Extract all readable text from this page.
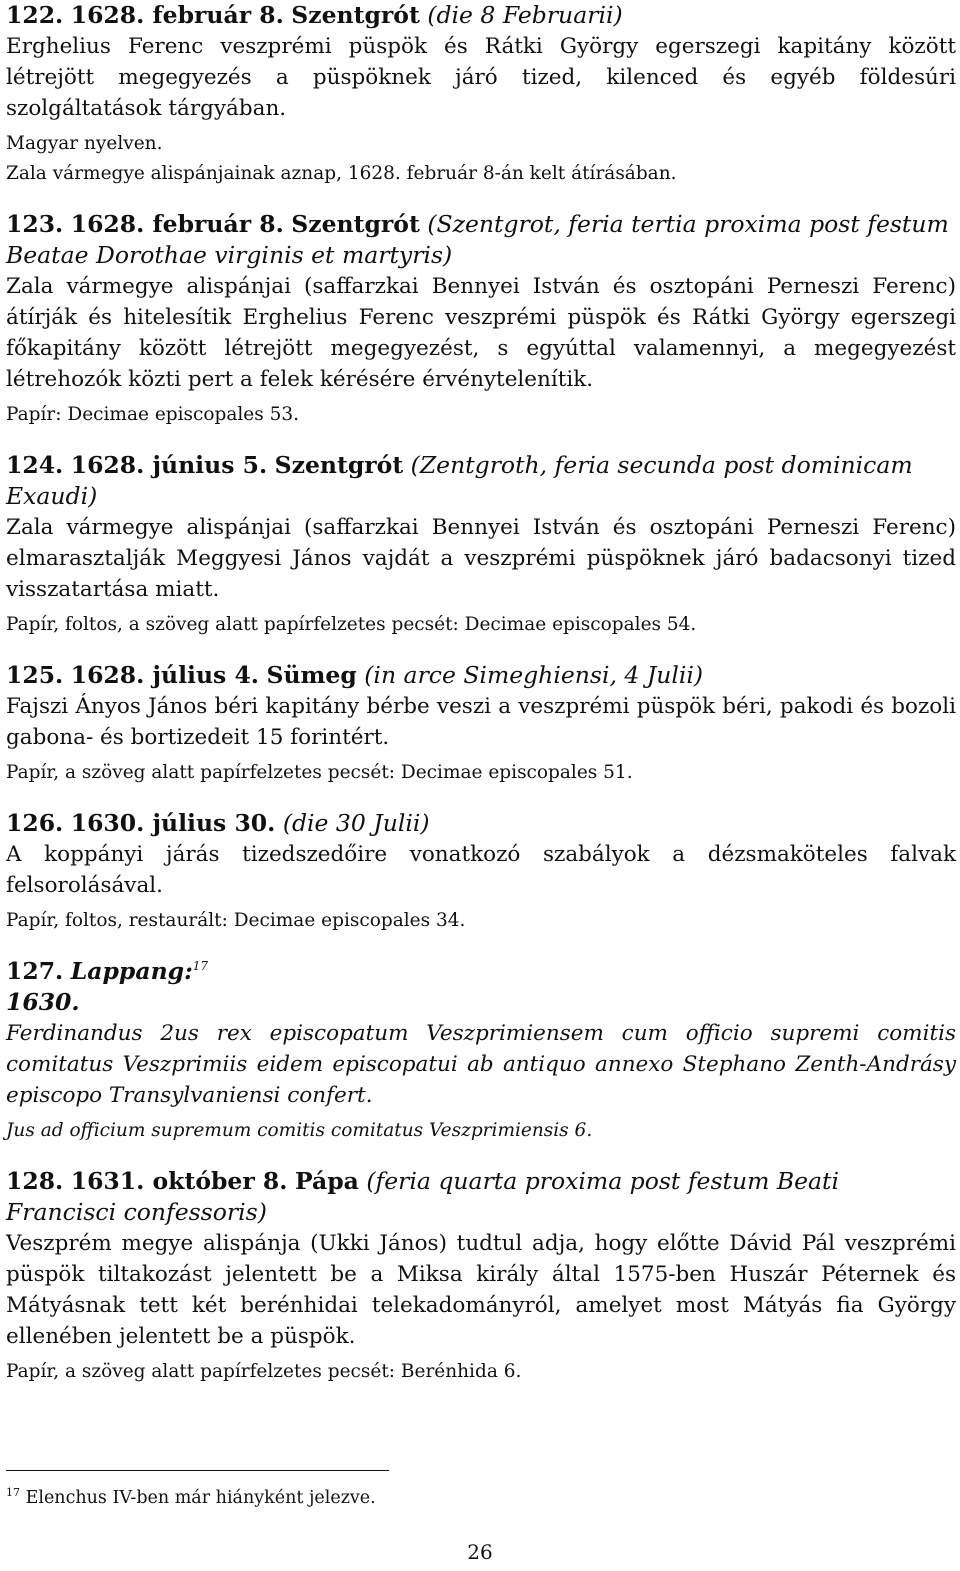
122. 1628. február 8. Szentgrót (die 8 Februarii)

Erghelius Ferenc veszprémi püspök és Rátki György egerszegi kapitány között létrejött megegyezés a püspöknek járó tized, kilenced és egyéb földesúri szolgáltatások tárgyában.

Magyar nyelven.

Zala vármegye alispánjainak aznap, 1628. február 8-án kelt átírásában.

123. 1628. február 8. Szentgrót (Szentgrot, feria tertia proxima post festum Beatae Dorothae virginis et martyris)

Zala vármegye alispánjai (saffarzkai Bennyei István és osztopáni Perneszi Ferenc) átírják és hitelesítik Erghelius Ferenc veszprémi püspök és Rátki György egerszegi főkapitány között létrejött megegyezést, s egyúttal valamennyi, a megegyezést létrehozók közti pert a felek kérésére érvénytelenítik.

Papír: Decimae episcopales 53.

124. 1628. június 5. Szentgrót (Zentgroth, feria secunda post dominicam Exaudi)

Zala vármegye alispánjai (saffarzkai Bennyei István és osztopáni Perneszi Ferenc) elmarasztalják Meggyesi János vajdát a veszprémi püspöknek járó badacsonyi tized visszatartása miatt.

Papír, foltos, a szöveg alatt papírfelzetes pecsét: Decimae episcopales 54.

125. 1628. július 4. Sümeg (in arce Simeghiensi, 4 Julii)

Fajszi Ányos János béri kapitány bérbe veszi a veszprémi püspök béri, pakodi és bozoli gabona- és bortizedeit 15 forintért.

Papír, a szöveg alatt papírfelzetes pecsét: Decimae episcopales 51.

126. 1630. július 30. (die 30 Julii)

A koppányi járás tizedszedőire vonatkozó szabályok a dézsmaköteles falvak felsorolásával.

Papír, foltos, restaurált: Decimae episcopales 34.

127. Lappang:$^{17}$

1630.

Ferdinandus 2us rex episcopatum Veszprimiensem cum officio supremi comitis comitatus Veszprimiis eidem episcopatui ab antiquo annexo Stephano Zenth-Andrásy episcopo Transylvaniensi confert.

Jus ad officium supremum comitis comitatus Veszprimiensis 6.

128. 1631. október 8. Pápa (feria quarta proxima post festum Beati Francisci confessoris)

Veszprém megye alispánja (Ukki János) tudtul adja, hogy előtte Dávid Pál veszprémi püspök tiltakozást jelentett be a Miksa király által 1575-ben Huszár Péternek és Mátyásnak tett két berénhidai telekadományról, amelyet most Mátyás fia György ellenében jelentett be a püspök.

Papír, a szöveg alatt papírfelzetes pecsét: Berénhida 6.

$^{17}$ Elenchus IV-ben már hiányként jelezve.
26
